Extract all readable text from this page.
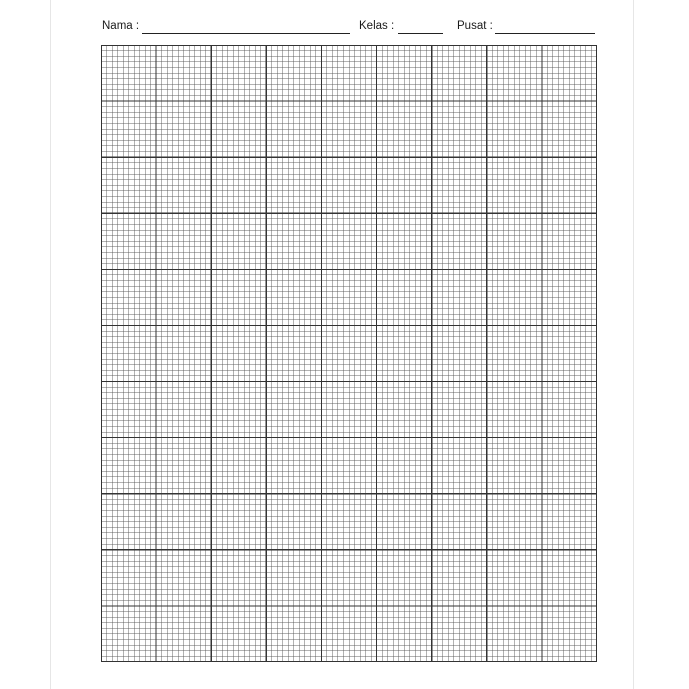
Nama :	Kelas :	Pusat :
